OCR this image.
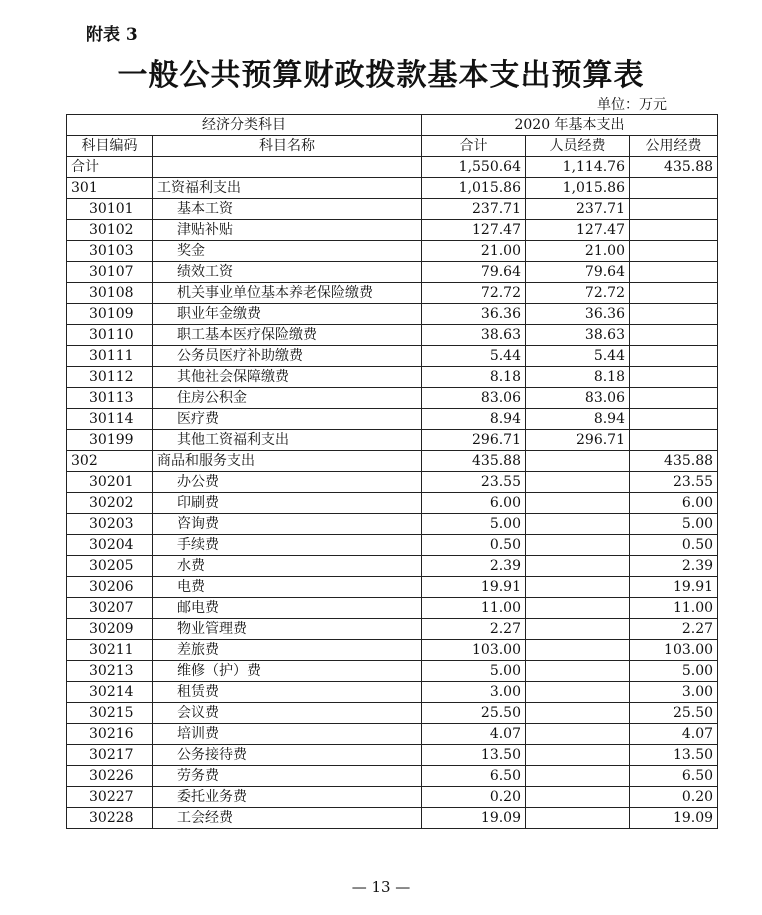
附表 3
一般公共预算财政拨款基本支出预算表
单位：万元
经济分类科目		2020 年基本支出		
科目编码	科目名称	合计	人员经费	公用经费
合计		1,550.64	1,114.76	435.88
301	工资福利支出	1,015.86	1,015.86	
30101	基本工资	237.71	237.71	
30102	津贴补贴	127.47	127.47	
30103	奖金	21.00	21.00	
30107	绩效工资	79.64	79.64	
30108	机关事业单位基本养老保险缴费	72.72	72.72	
30109	职业年金缴费	36.36	36.36	
30110	职工基本医疗保险缴费	38.63	38.63	
30111	公务员医疗补助缴费	5.44	5.44	
30112	其他社会保障缴费	8.18	8.18	
30113	住房公积金	83.06	83.06	
30114	医疗费	8.94	8.94	
30199	其他工资福利支出	296.71	296.71	
302	商品和服务支出	435.88		435.88
30201	办公费	23.55		23.55
30202	印刷费	6.00		6.00
30203	咨询费	5.00		5.00
30204	手续费	0.50		0.50
30205	水费	2.39		2.39
30206	电费	19.91		19.91
30207	邮电费	11.00		11.00
30209	物业管理费	2.27		2.27
30211	差旅费	103.00		103.00
30213	维修（护）费	5.00		5.00
30214	租赁费	3.00		3.00
30215	会议费	25.50		25.50
30216	培训费	4.07		4.07
30217	公务接待费	13.50		13.50
30226	劳务费	6.50		6.50
30227	委托业务费	0.20		0.20
30228	工会经费	19.09		19.09
— 13 —
